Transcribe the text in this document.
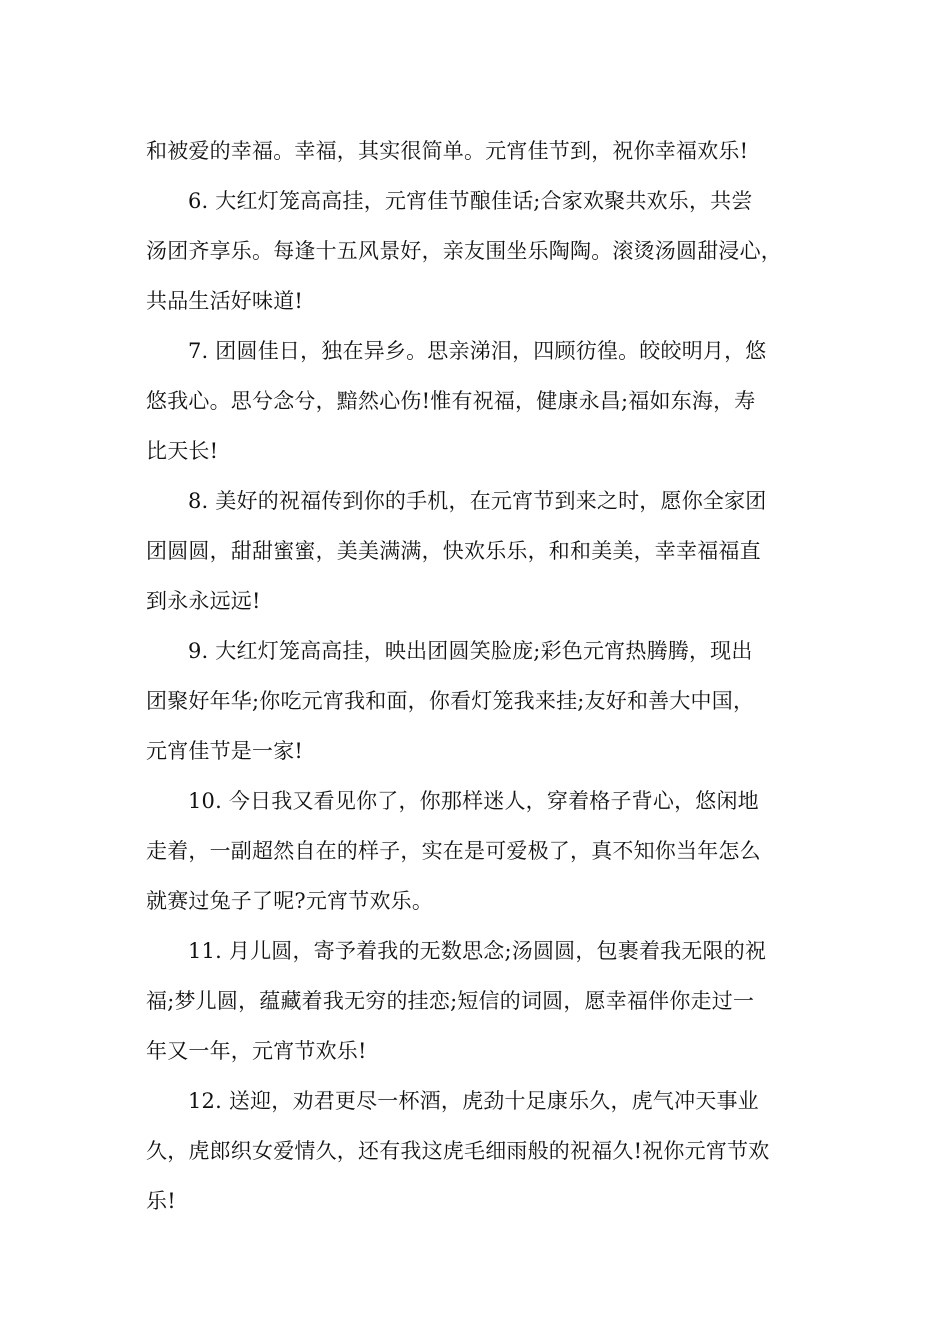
和被爱的幸福。幸福，其实很简单。元宵佳节到，祝你幸福欢乐!
6. 大红灯笼高高挂，元宵佳节酿佳话;合家欢聚共欢乐，共尝
汤团齐享乐。每逢十五风景好，亲友围坐乐陶陶。滚烫汤圆甜浸心，
共品生活好味道!
7. 团圆佳日，独在异乡。思亲涕泪，四顾彷徨。皎皎明月，悠
悠我心。思兮念兮，黯然心伤!惟有祝福，健康永昌;福如东海，寿
比天长!
8. 美好的祝福传到你的手机，在元宵节到来之时，愿你全家团
团圆圆，甜甜蜜蜜，美美满满，快欢乐乐，和和美美，幸幸福福直
到永永远远!
9. 大红灯笼高高挂，映出团圆笑脸庞;彩色元宵热腾腾，现出
团聚好年华;你吃元宵我和面，你看灯笼我来挂;友好和善大中国，
元宵佳节是一家!
10. 今日我又看见你了，你那样迷人，穿着格子背心，悠闲地
走着，一副超然自在的样子，实在是可爱极了，真不知你当年怎么
就赛过兔子了呢?元宵节欢乐。
11. 月儿圆，寄予着我的无数思念;汤圆圆，包裹着我无限的祝
福;梦儿圆，蕴藏着我无穷的挂恋;短信的词圆，愿幸福伴你走过一
年又一年，元宵节欢乐!
12. 送迎，劝君更尽一杯酒，虎劲十足康乐久，虎气冲天事业
久，虎郎织女爱情久，还有我这虎毛细雨般的祝福久!祝你元宵节欢
乐!
